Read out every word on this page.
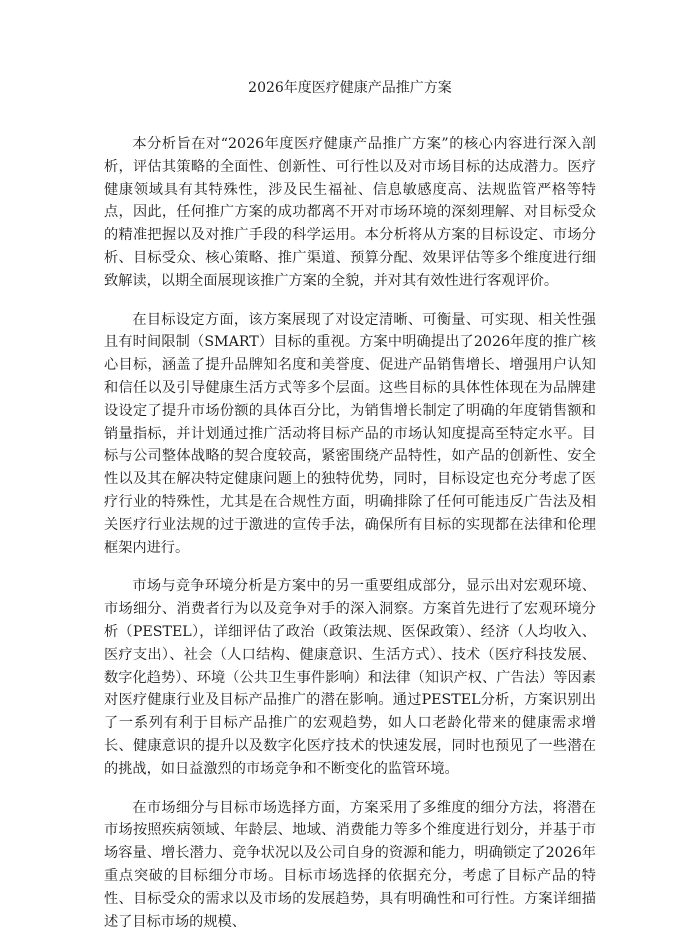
2026年度医疗健康产品推广方案

本分析旨在对“2026年度医疗健康产品推广方案”的核心内容进行深入剖析，评估其策略的全面性、创新性、可行性以及对市场目标的达成潜力。医疗健康领域具有其特殊性，涉及民生福祉、信息敏感度高、法规监管严格等特点，因此，任何推广方案的成功都离不开对市场环境的深刻理解、对目标受众的精准把握以及对推广手段的科学运用。本分析将从方案的目标设定、市场分析、目标受众、核心策略、推广渠道、预算分配、效果评估等多个维度进行细致解读，以期全面展现该推广方案的全貌，并对其有效性进行客观评价。

在目标设定方面，该方案展现了对设定清晰、可衡量、可实现、相关性强且有时间限制（SMART）目标的重视。方案中明确提出了2026年度的推广核心目标，涵盖了提升品牌知名度和美誉度、促进产品销售增长、增强用户认知和信任以及引导健康生活方式等多个层面。这些目标的具体性体现在为品牌建设设定了提升市场份额的具体百分比，为销售增长制定了明确的年度销售额和销量指标，并计划通过推广活动将目标产品的市场认知度提高至特定水平。目标与公司整体战略的契合度较高，紧密围绕产品特性，如产品的创新性、安全性以及其在解决特定健康问题上的独特优势，同时，目标设定也充分考虑了医疗行业的特殊性，尤其是在合规性方面，明确排除了任何可能违反广告法及相关医疗行业法规的过于激进的宣传手法，确保所有目标的实现都在法律和伦理框架内进行。

市场与竞争环境分析是方案中的另一重要组成部分，显示出对宏观环境、市场细分、消费者行为以及竞争对手的深入洞察。方案首先进行了宏观环境分析（PESTEL），详细评估了政治（政策法规、医保政策）、经济（人均收入、医疗支出）、社会（人口结构、健康意识、生活方式）、技术（医疗科技发展、数字化趋势）、环境（公共卫生事件影响）和法律（知识产权、广告法）等因素对医疗健康行业及目标产品推广的潜在影响。通过PESTEL分析，方案识别出了一系列有利于目标产品推广的宏观趋势，如人口老龄化带来的健康需求增长、健康意识的提升以及数字化医疗技术的快速发展，同时也预见了一些潜在的挑战，如日益激烈的市场竞争和不断变化的监管环境。

在市场细分与目标市场选择方面，方案采用了多维度的细分方法，将潜在市场按照疾病领域、年龄层、地域、消费能力等多个维度进行划分，并基于市场容量、增长潜力、竞争状况以及公司自身的资源和能力，明确锁定了2026年重点突破的目标细分市场。目标市场选择的依据充分，考虑了目标产品的特性、目标受众的需求以及市场的发展趋势，具有明确性和可行性。方案详细描述了目标市场的规模、
